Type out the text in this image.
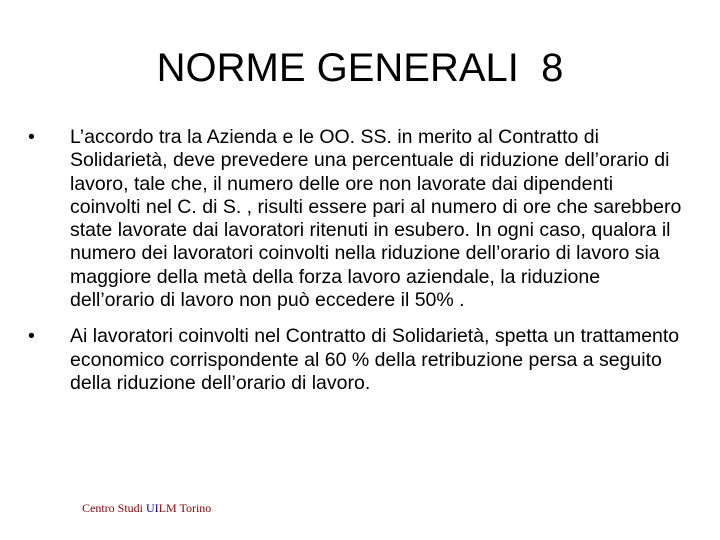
NORME GENERALI  8
•	L’accordo tra la Azienda e le OO. SS. in merito al Contratto di Solidarietà, deve prevedere una percentuale di riduzione dell’orario di lavoro, tale che, il numero delle ore non lavorate dai dipendenti coinvolti nel C. di S. , risulti essere pari al numero di ore che sarebbero state lavorate dai lavoratori ritenuti in esubero. In ogni caso, qualora il numero dei lavoratori coinvolti nella riduzione dell’orario di lavoro sia maggiore della metà della forza lavoro aziendale, la riduzione dell’orario di lavoro non può eccedere il 50% .
•	Ai lavoratori coinvolti nel Contratto di Solidarietà, spetta un trattamento economico corrispondente al 60 % della retribuzione persa a seguito della riduzione dell’orario di lavoro.
Centro Studi UILM Torino
